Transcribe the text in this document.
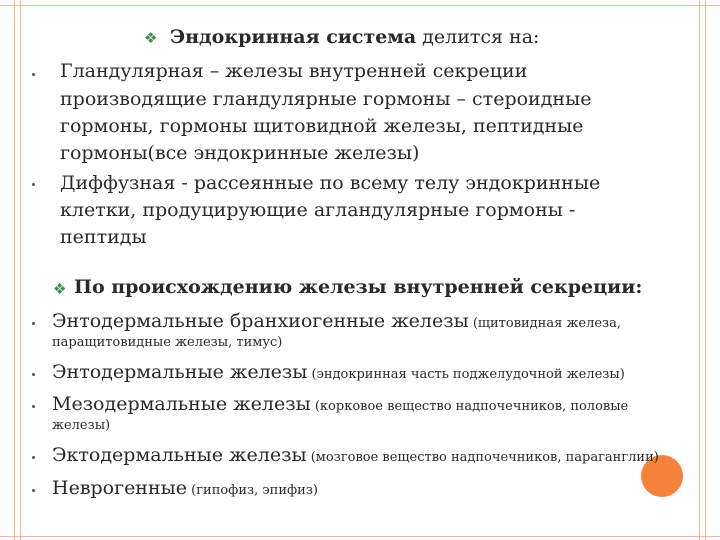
❖ Эндокринная система делится на:
Гландулярная – железы внутренней секреции
производящие гландулярные гормоны – стероидные
гормоны, гормоны щитовидной железы, пептидные
гормоны(все эндокринные железы)
Диффузная - рассеянные по всему телу эндокринные
клетки, продуцирующие агландулярные гормоны -
пептиды
❖ По происхождению железы внутренней секреции:
Энтодермальные бранхиогенные железы (щитовидная железа,
паращитовидные железы, тимус)
Энтодермальные железы (эндокринная часть поджелудочной железы)
Мезодермальные железы (корковое вещество надпочечников, половые
железы)
Эктодермальные железы (мозговое вещество надпочечников, параганглии)
Неврогенные (гипофиз, эпифиз)
